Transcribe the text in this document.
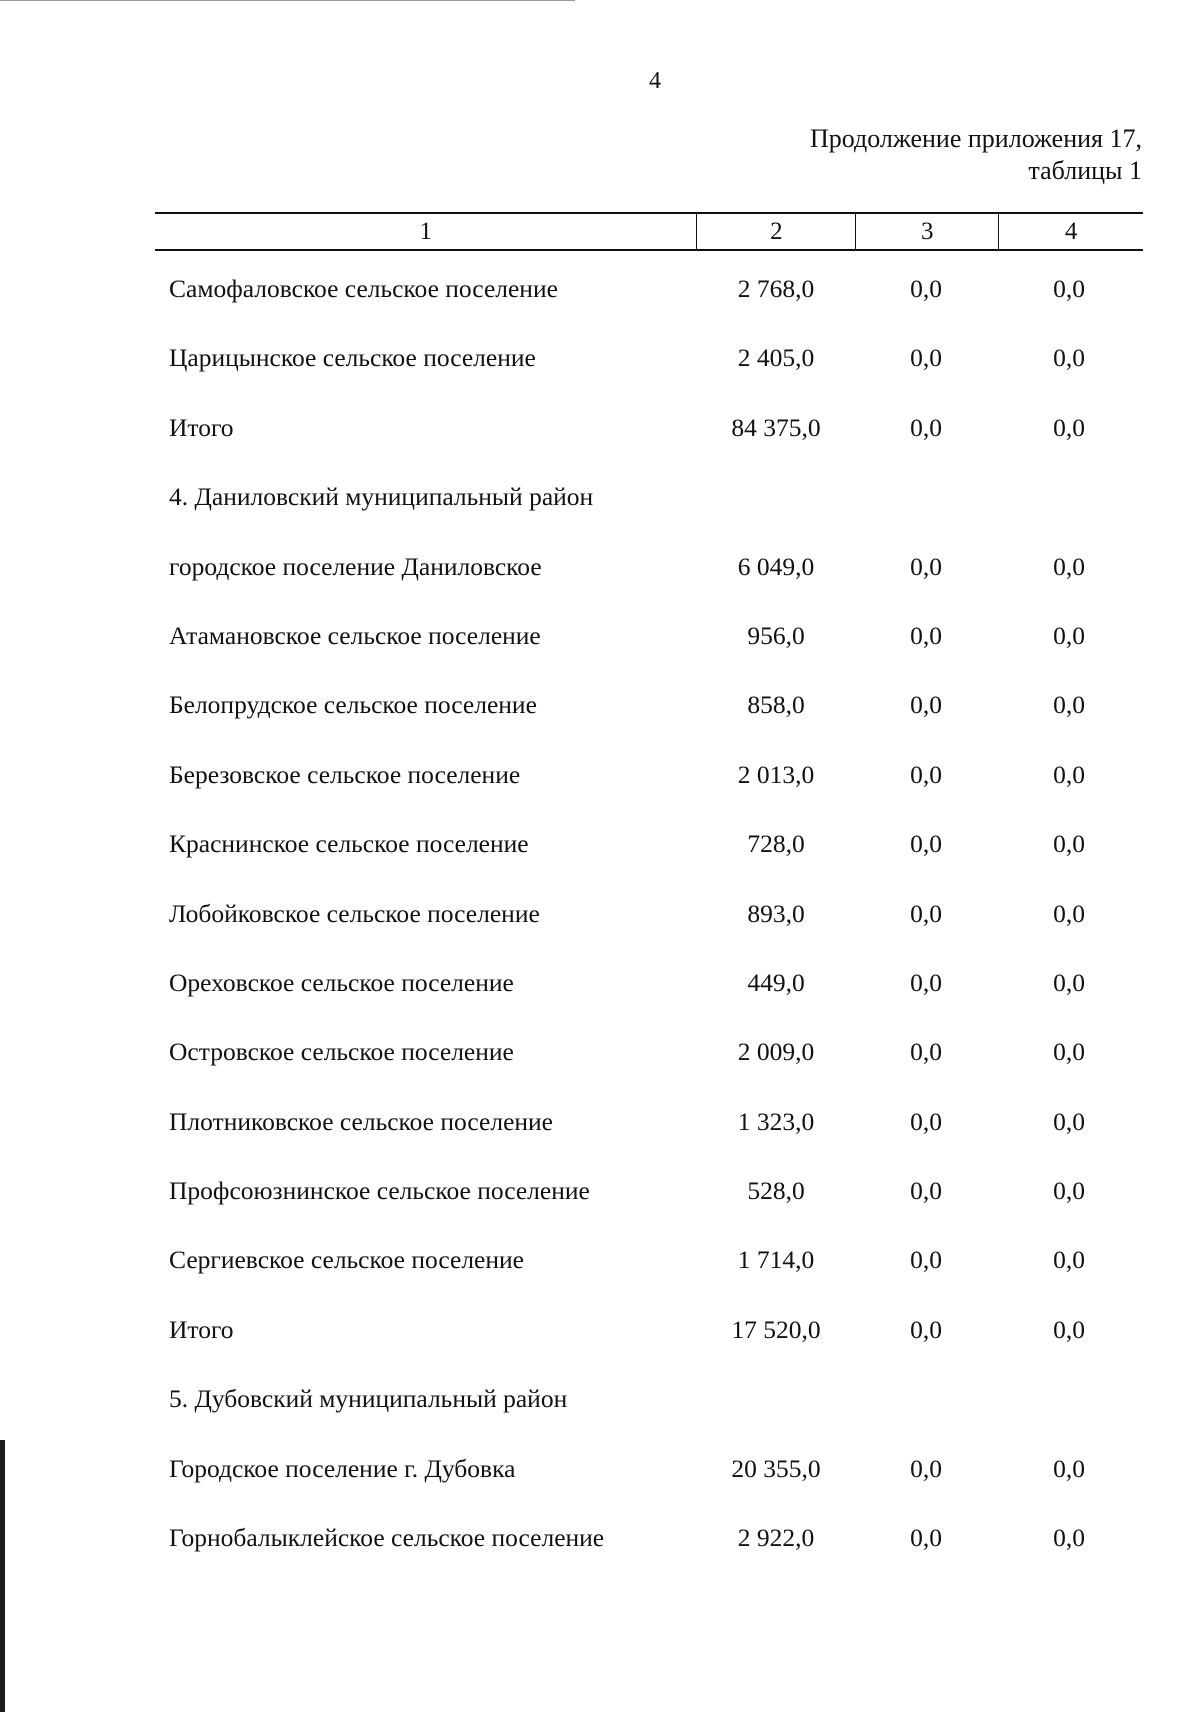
4
Продолжение приложения 17,
таблицы 1
1	2	3	4
Самофаловское сельское поселение	2 768,0	0,0	0,0
Царицынское сельское поселение	2 405,0	0,0	0,0
Итого	84 375,0	0,0	0,0
4. Даниловский муниципальный район
городское поселение Даниловское	6 049,0	0,0	0,0
Атамановское сельское поселение	956,0	0,0	0,0
Белопрудское сельское поселение	858,0	0,0	0,0
Березовское сельское поселение	2 013,0	0,0	0,0
Краснинское сельское поселение	728,0	0,0	0,0
Лобойковское сельское поселение	893,0	0,0	0,0
Ореховское сельское поселение	449,0	0,0	0,0
Островское сельское поселение	2 009,0	0,0	0,0
Плотниковское сельское поселение	1 323,0	0,0	0,0
Профсоюзнинское сельское поселение	528,0	0,0	0,0
Сергиевское сельское поселение	1 714,0	0,0	0,0
Итого	17 520,0	0,0	0,0
5. Дубовский муниципальный район
Городское поселение г. Дубовка	20 355,0	0,0	0,0
Горнобалыклейское сельское поселение	2 922,0	0,0	0,0
